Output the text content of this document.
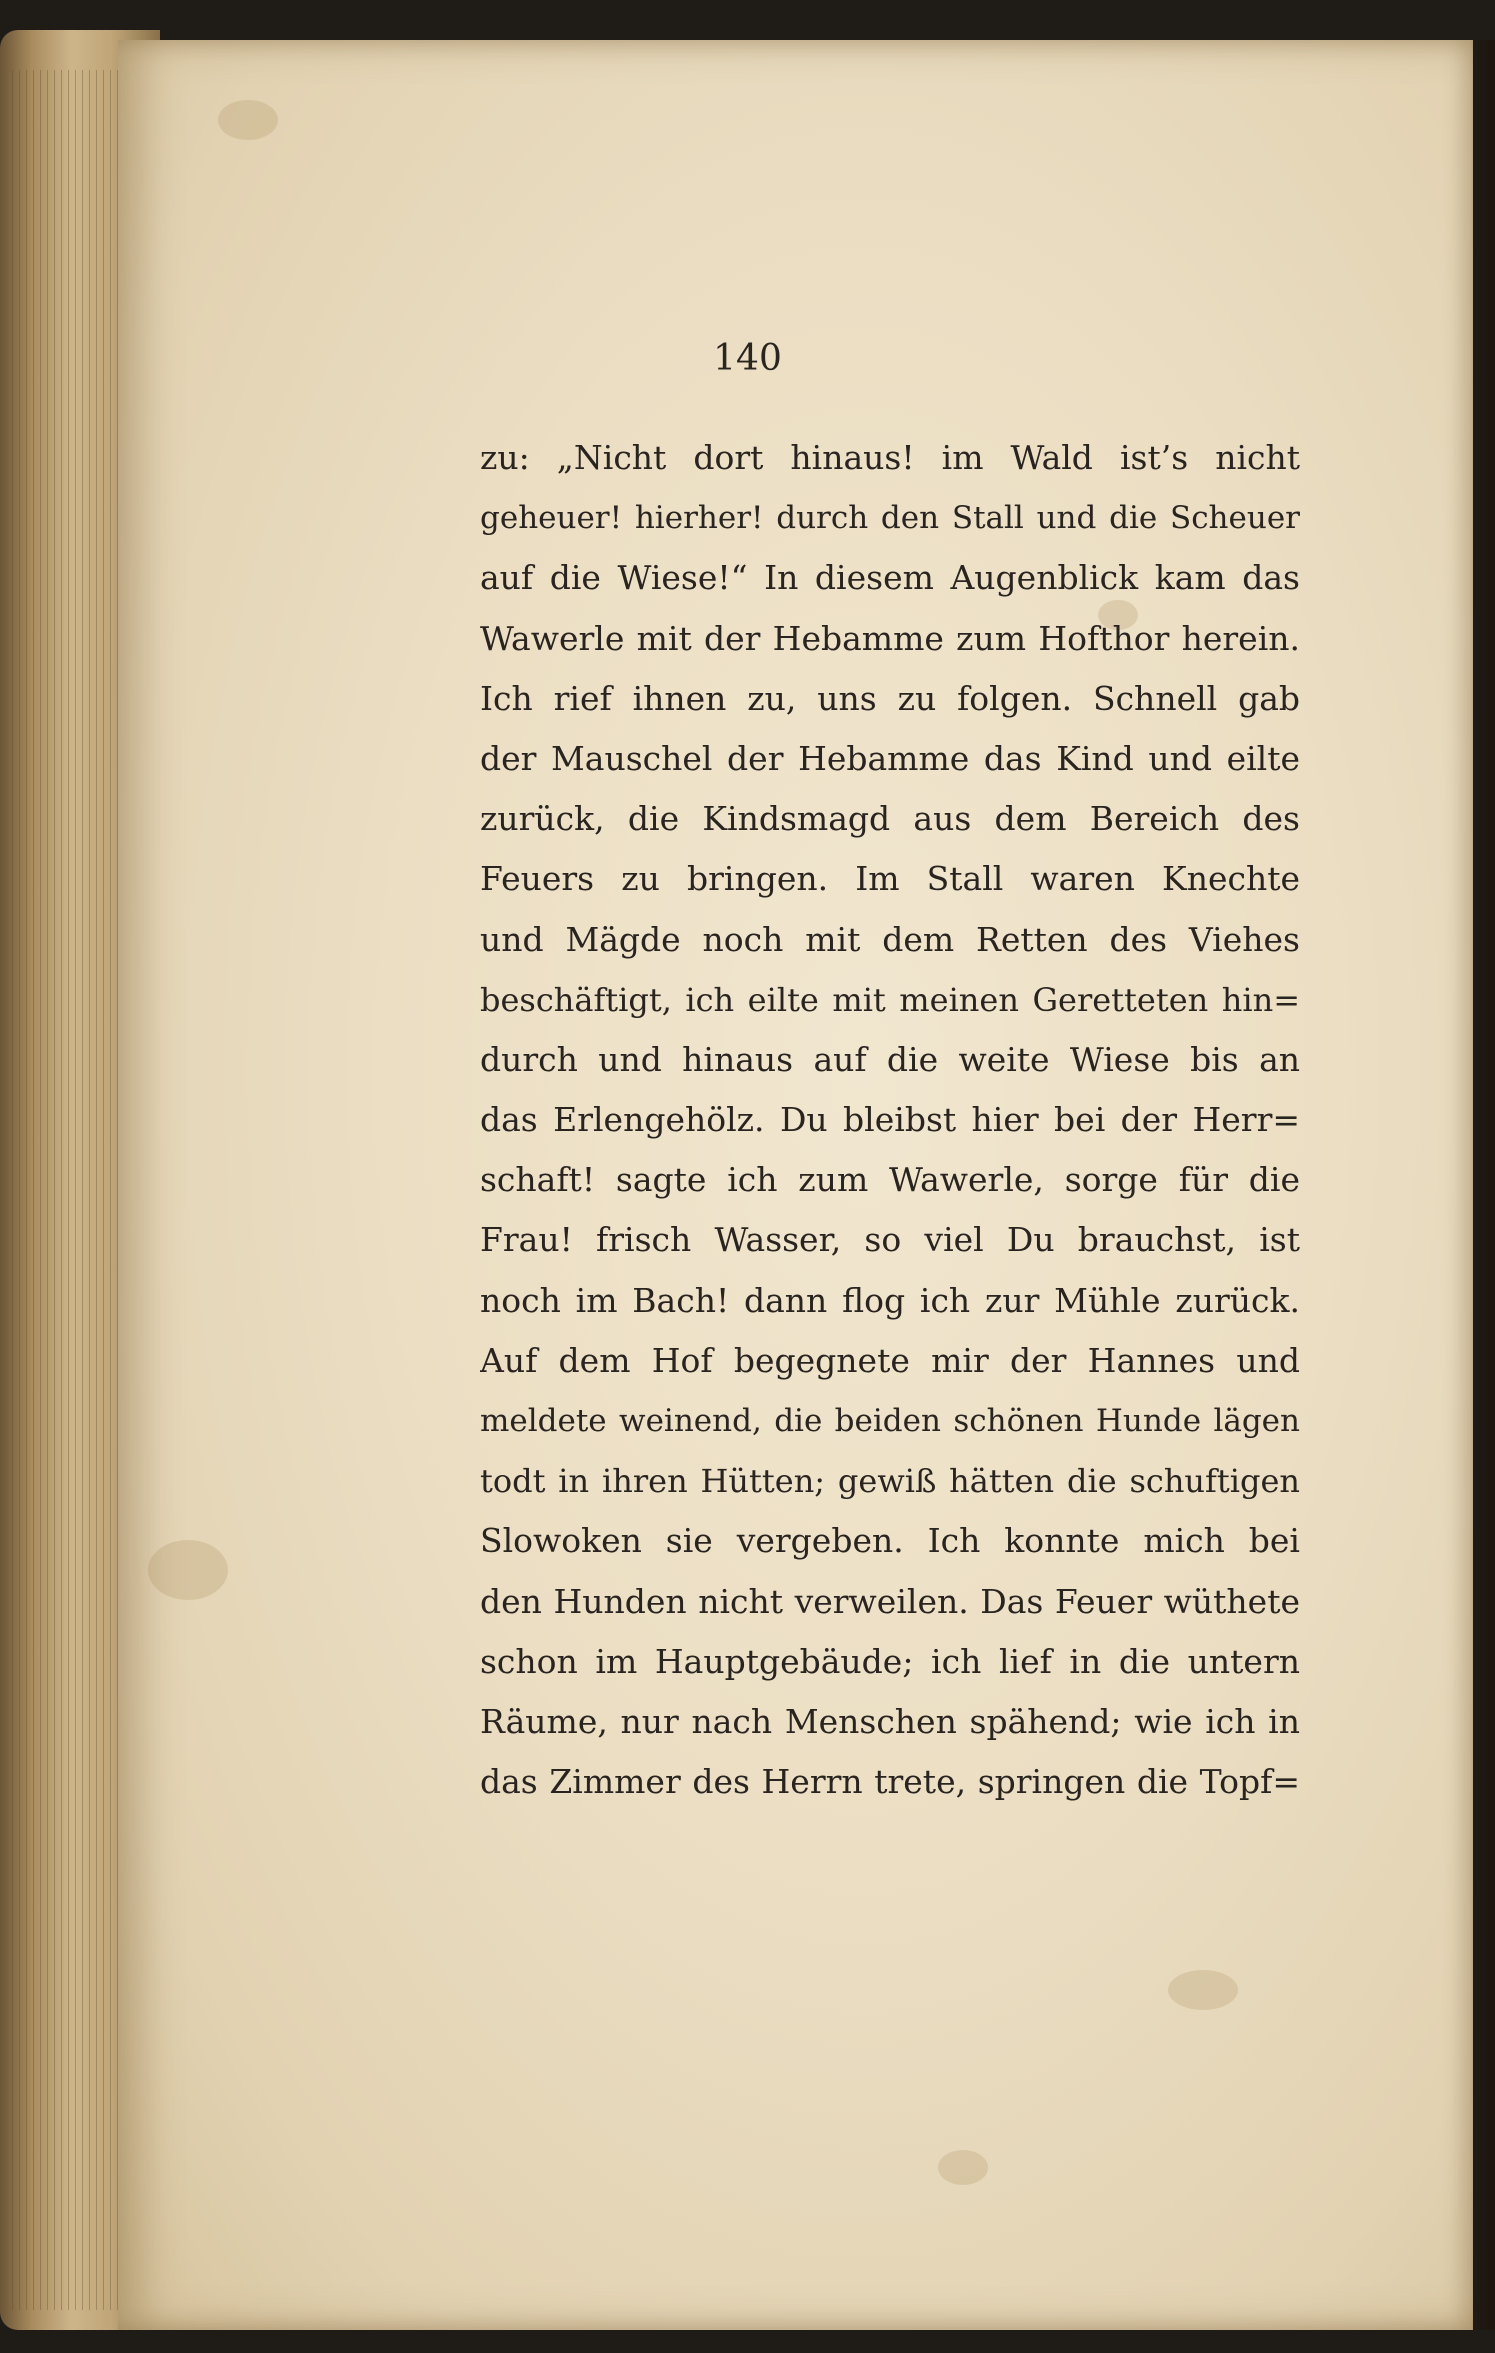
140
zu: „Nicht dort hinaus! im Wald ist’s nicht
geheuer! hierher! durch den Stall und die Scheuer
auf die Wiese!“ In diesem Augenblick kam das
Wawerle mit der Hebamme zum Hofthor herein.
Ich rief ihnen zu, uns zu folgen. Schnell gab
der Mauschel der Hebamme das Kind und eilte
zurück, die Kindsmagd aus dem Bereich des
Feuers zu bringen. Im Stall waren Knechte
und Mägde noch mit dem Retten des Viehes
beschäftigt, ich eilte mit meinen Geretteten hin=
durch und hinaus auf die weite Wiese bis an
das Erlengehölz. Du bleibst hier bei der Herr=
schaft! sagte ich zum Wawerle, sorge für die
Frau! frisch Wasser, so viel Du brauchst, ist
noch im Bach! dann flog ich zur Mühle zurück.
Auf dem Hof begegnete mir der Hannes und
meldete weinend, die beiden schönen Hunde lägen
todt in ihren Hütten; gewiß hätten die schuftigen
Slowoken sie vergeben. Ich konnte mich bei
den Hunden nicht verweilen. Das Feuer wüthete
schon im Hauptgebäude; ich lief in die untern
Räume, nur nach Menschen spähend; wie ich in
das Zimmer des Herrn trete, springen die Topf=
